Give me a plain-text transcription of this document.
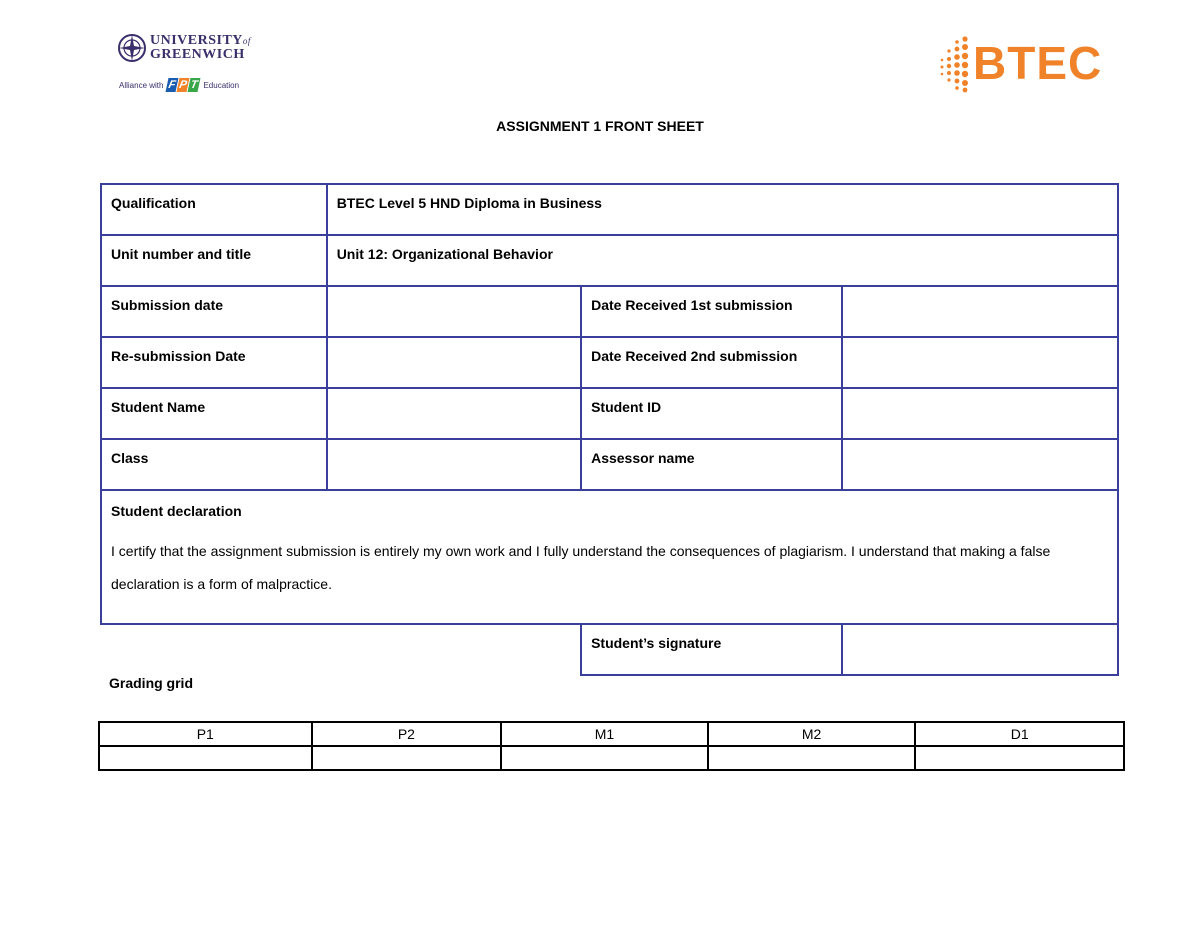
UNIVERSITYof
GREENWICH
Alliance with F P T Education	BTEC
ASSIGNMENT 1 FRONT SHEET
Qualification	BTEC Level 5 HND Diploma in Business		
Unit number and title	Unit 12: Organizational Behavior		
Submission date		Date Received 1st submission	
Re-submission Date		Date Received 2nd submission	
Student Name		Student ID	
Class		Assessor name	

Student declaration
I certify that the assignment submission is entirely my own work and I fully understand the consequences of plagiarism. I understand that making a false declaration is a form of malpractice.			

		Student’s signature	
Grading grid
P1	P2	M1	M2	D1
